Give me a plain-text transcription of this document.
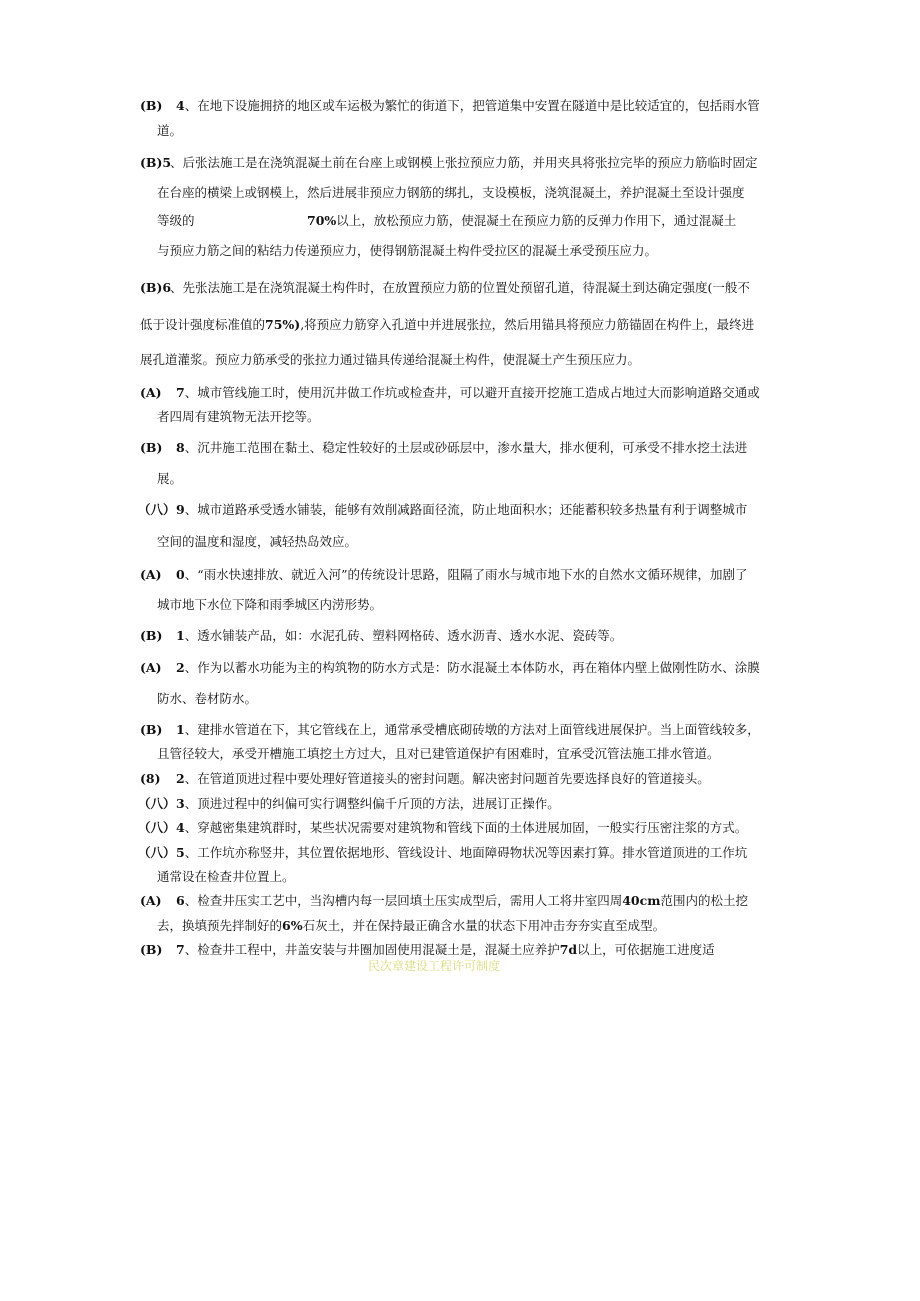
(B) 4、在地下设施拥挤的地区或车运极为繁忙的街道下，把管道集中安置在隧道中是比较适宜的，包括雨水管
道。
(B)5
、后张法施工是在浇筑混凝土前在台座上或钢模上张拉预应力筋，并用夹具将张拉完毕的预应力筋临时固定
在台座的横梁上或钢模上，然后进展非预应力钢筋的绑扎，支设模板，浇筑混凝土，养护混凝土至设计强度
等级的	70%以上，放松预应力筋，使混凝土在预应力筋的反弹力作用下，通过混凝土
与预应力筋之间的粘结力传递预应力，使得钢筋混凝土构件受拉区的混凝土承受预压应力。
(B)6
、先张法施工是在浇筑混凝土构件时，在放置预应力筋的位置处预留孔道，待混凝土到达确定强度(一般不
低于设计强度标准值的75%),将预应力筋穿入孔道中并进展张拉，然后用锚具将预应力筋锚固在构件上，最终进
展孔道灌浆。预应力筋承受的张拉力通过锚具传递给混凝土构件，使混凝土产生预压应力。
(A) 7、城市管线施工时，使用沉井做工作坑或检查井，可以避开直接开挖施工造成占地过大而影响道路交通或
者四周有建筑物无法开挖等。
(B) 8、沉井施工范围在黏土、稳定性较好的土层或砂砾层中，渗水量大，排水便利，可承受不排水挖土法进
展。
（八） 9、城市道路承受透水铺装，能够有效削减路面径流，防止地面积水；还能蓄积较多热量有利于调整城市
空间的温度和湿度，减轻热岛效应。
(A) 0、“雨水快速排放、就近入河”的传统设计思路，阻隔了雨水与城市地下水的自然水文循环规律，加剧了
城市地下水位下降和雨季城区内涝形势。
(B) 1、透水铺装产品，如：水泥孔砖、塑料网格砖、透水沥青、透水水泥、瓷砖等。
(A) 2、作为以蓄水功能为主的构筑物的防水方式是：防水混凝土本体防水，再在箱体内壁上做刚性防水、涂膜
防水、卷材防水。
(B) 1、建排水管道在下，其它管线在上，通常承受槽底砌砖墩的方法对上面管线进展保护。当上面管线较多，
且管径较大，承受开槽施工填挖土方过大，且对已建管道保护有困难时，宜承受沉管法施工排水管道。
(8) 2、在管道顶进过程中要处理好管道接头的密封问题。解决密封问题首先要选择良好的管道接头。
（八） 3、顶进过程中的纠偏可实行调整纠偏千斤顶的方法，进展订正操作。
（八） 4、穿越密集建筑群时，某些状况需要对建筑物和管线下面的土体进展加固，一般实行压密注浆的方式。
（八） 5、工作坑亦称竖井，其位置依据地形、管线设计、地面障碍物状况等因素打算。排水管道顶进的工作坑
通常设在检查井位置上。
(A) 6、检查井压实工艺中，当沟槽内每一层回填土压实成型后，需用人工将井室四周40cm范围内的松土挖
去，换填预先拌制好的6%石灰土，并在保持最正确含水量的状态下用冲击夯夯实直至成型。
(B) 7、检查井工程中，井盖安装与井圈加固使用混凝土是，混凝土应养护7d以上，可依据施工进度适
民次章建设工程许可制度
